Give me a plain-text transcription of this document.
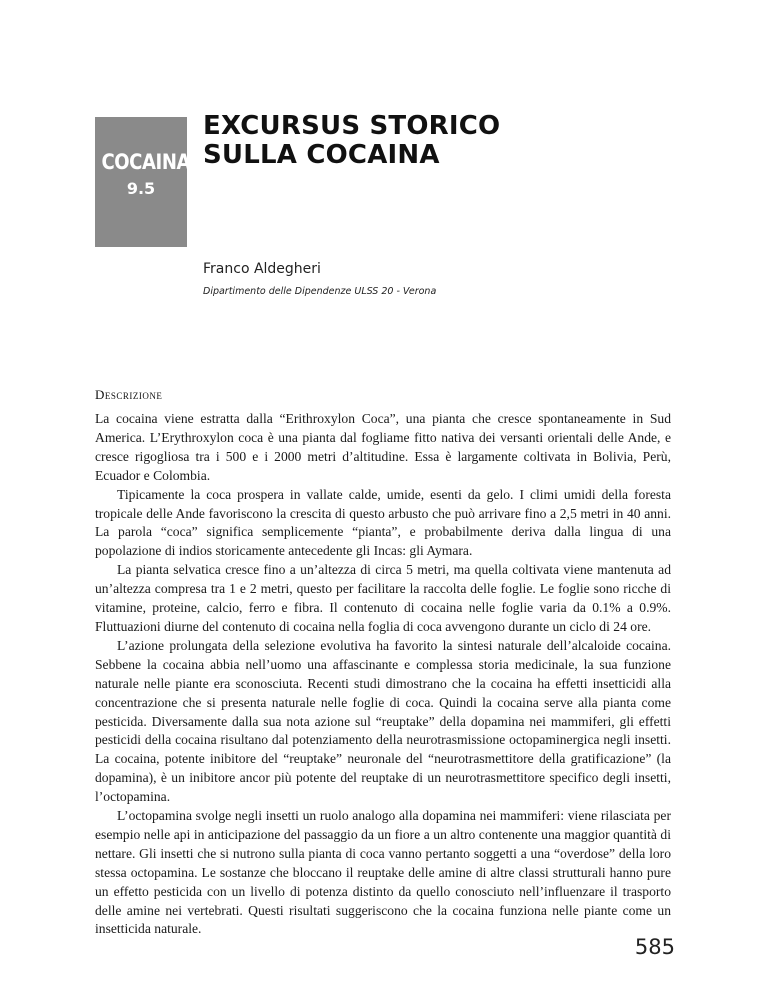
COCAINA
9.5
EXCURSUS STORICO
SULLA COCAINA
Franco Aldegheri
Dipartimento delle Dipendenze ULSS 20 - Verona
Descrizione

La cocaina viene estratta dalla “Erithroxylon Coca”, una pianta che cresce spontaneamente in Sud America. L’Erythroxylon coca è una pianta dal fogliame fitto nativa dei versanti orientali delle Ande, e cresce rigogliosa tra i 500 e i 2000 metri d’altitudine. Essa è largamente coltivata in Bolivia, Perù, Ecuador e Colombia.

Tipicamente la coca prospera in vallate calde, umide, esenti da gelo. I climi umidi della foresta tropicale delle Ande favoriscono la crescita di questo arbusto che può arrivare fino a 2,5 metri in 40 anni. La parola “coca” significa semplicemente “pianta”, e probabilmente deriva dalla lingua di una popolazione di indios storicamente antecedente gli Incas: gli Aymara.

La pianta selvatica cresce fino a un’altezza di circa 5 metri, ma quella coltivata viene mantenuta ad un’altezza compresa tra 1 e 2 metri, questo per facilitare la raccolta delle foglie. Le foglie sono ricche di vitamine, proteine, calcio, ferro e fibra. Il contenuto di cocaina nelle foglie varia da 0.1% a 0.9%. Fluttuazioni diurne del contenuto di cocaina nella foglia di coca avvengono durante un ciclo di 24 ore.

L’azione prolungata della selezione evolutiva ha favorito la sintesi naturale dell’alcaloide cocaina. Sebbene la cocaina abbia nell’uomo una affascinante e complessa storia medicinale, la sua funzione naturale nelle piante era sconosciuta. Recenti studi dimostrano che la cocaina ha effetti insetticidi alla concentrazione che si presenta naturale nelle foglie di coca. Quindi la cocaina serve alla pianta come pesticida. Diversamente dalla sua nota azione sul “reuptake” della dopamina nei mammiferi, gli effetti pesticidi della cocaina risultano dal potenziamento della neurotrasmissione octopaminergica negli insetti. La cocaina, potente inibitore del “reuptake” neuronale del “neurotrasmettitore della gratificazione” (la dopamina), è un inibitore ancor più potente del reuptake di un neurotrasmettitore specifico degli insetti, l’octopamina.

L’octopamina svolge negli insetti un ruolo analogo alla dopamina nei mammiferi: viene rilasciata per esempio nelle api in anticipazione del passaggio da un fiore a un altro contenente una maggior quantità di nettare. Gli insetti che si nutrono sulla pianta di coca vanno pertanto soggetti a una “overdose” della loro stessa octopamina. Le sostanze che bloccano il reuptake delle amine di altre classi strutturali hanno pure un effetto pesticida con un livello di potenza distinto da quello conosciuto nell’influenzare il trasporto delle amine nei vertebrati. Questi risultati suggeriscono che la cocaina funziona nelle piante come un insetticida naturale.

585
